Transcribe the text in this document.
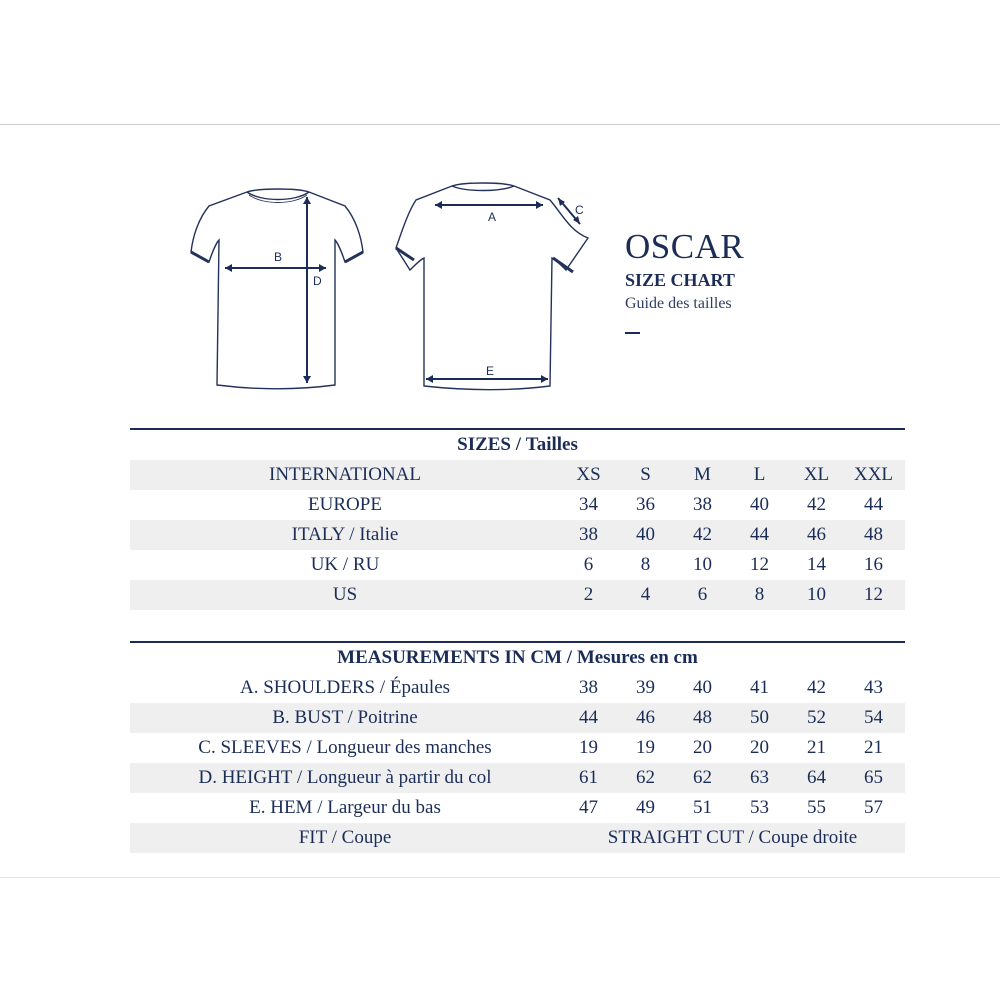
B
D
A	C
E
OSCAR
SIZE CHART
Guide des tailles
SIZES / Tailles
INTERNATIONAL	XS	S	M	L	XL	XXL
EUROPE	34	36	38	40	42	44
ITALY / Italie	38	40	42	44	46	48
UK / RU	6	8	10	12	14	16
US	2	4	6	8	10	12
MEASUREMENTS IN CM / Mesures en cm
A. SHOULDERS / Épaules	38	39	40	41	42	43
B. BUST / Poitrine	44	46	48	50	52	54
C. SLEEVES / Longueur des manches	19	19	20	20	21	21
D. HEIGHT / Longueur à partir du col	61	62	62	63	64	65
E. HEM / Largeur du bas	47	49	51	53	55	57
FIT / Coupe	STRAIGHT CUT / Coupe droite
